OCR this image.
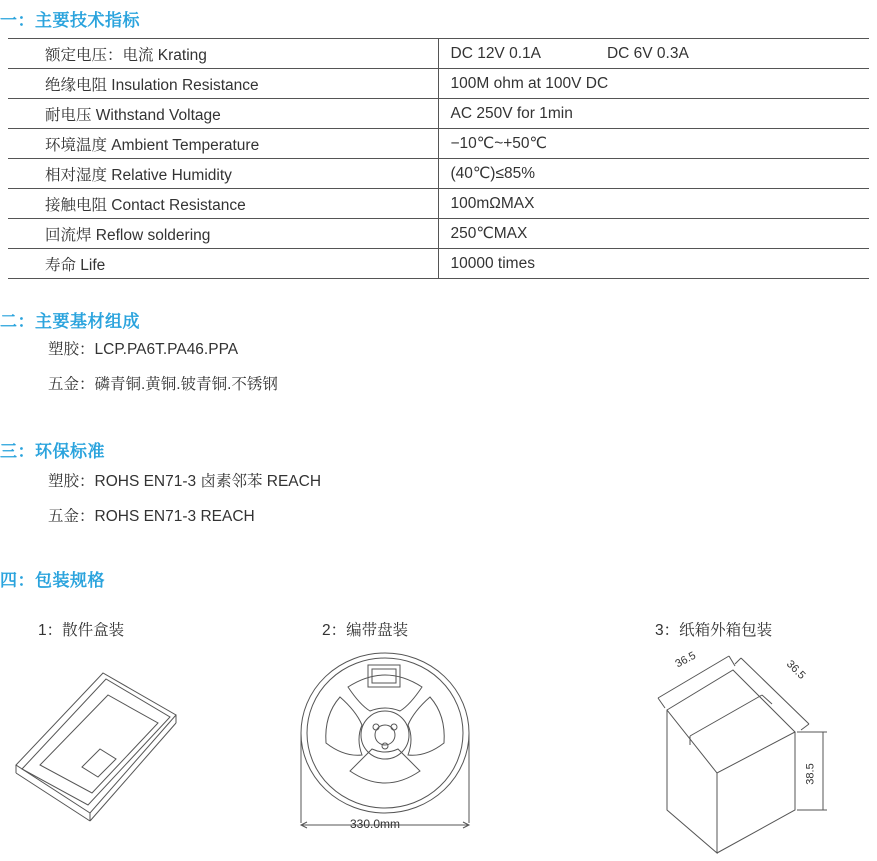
一：主要技术指标
额定电压：电流 Krating	DC 12V 0.1A DC 6V 0.3A
绝缘电阻 Insulation Resistance	100M ohm at 100V DC
耐电压 Withstand Voltage	AC 250V for 1min
环境温度 Ambient Temperature	−10℃~+50℃
相对湿度 Relative Humidity	(40℃)≤85%
接触电阻 Contact Resistance	100mΩMAX
回流焊 Reflow soldering	250℃MAX
寿命 Life	10000 times
二：主要基材组成
塑胶：LCP.PA6T.PA46.PPA
五金：磷青铜.黄铜.铍青铜.不锈钢
三：环保标准
塑胶：ROHS EN71-3 卤素邻苯 REACH
五金：ROHS EN71-3 REACH
四：包装规格
1：散件盒装	2：编带盘装	3：纸箱外箱包装
330.0mm
36.5	36.5
38.5
